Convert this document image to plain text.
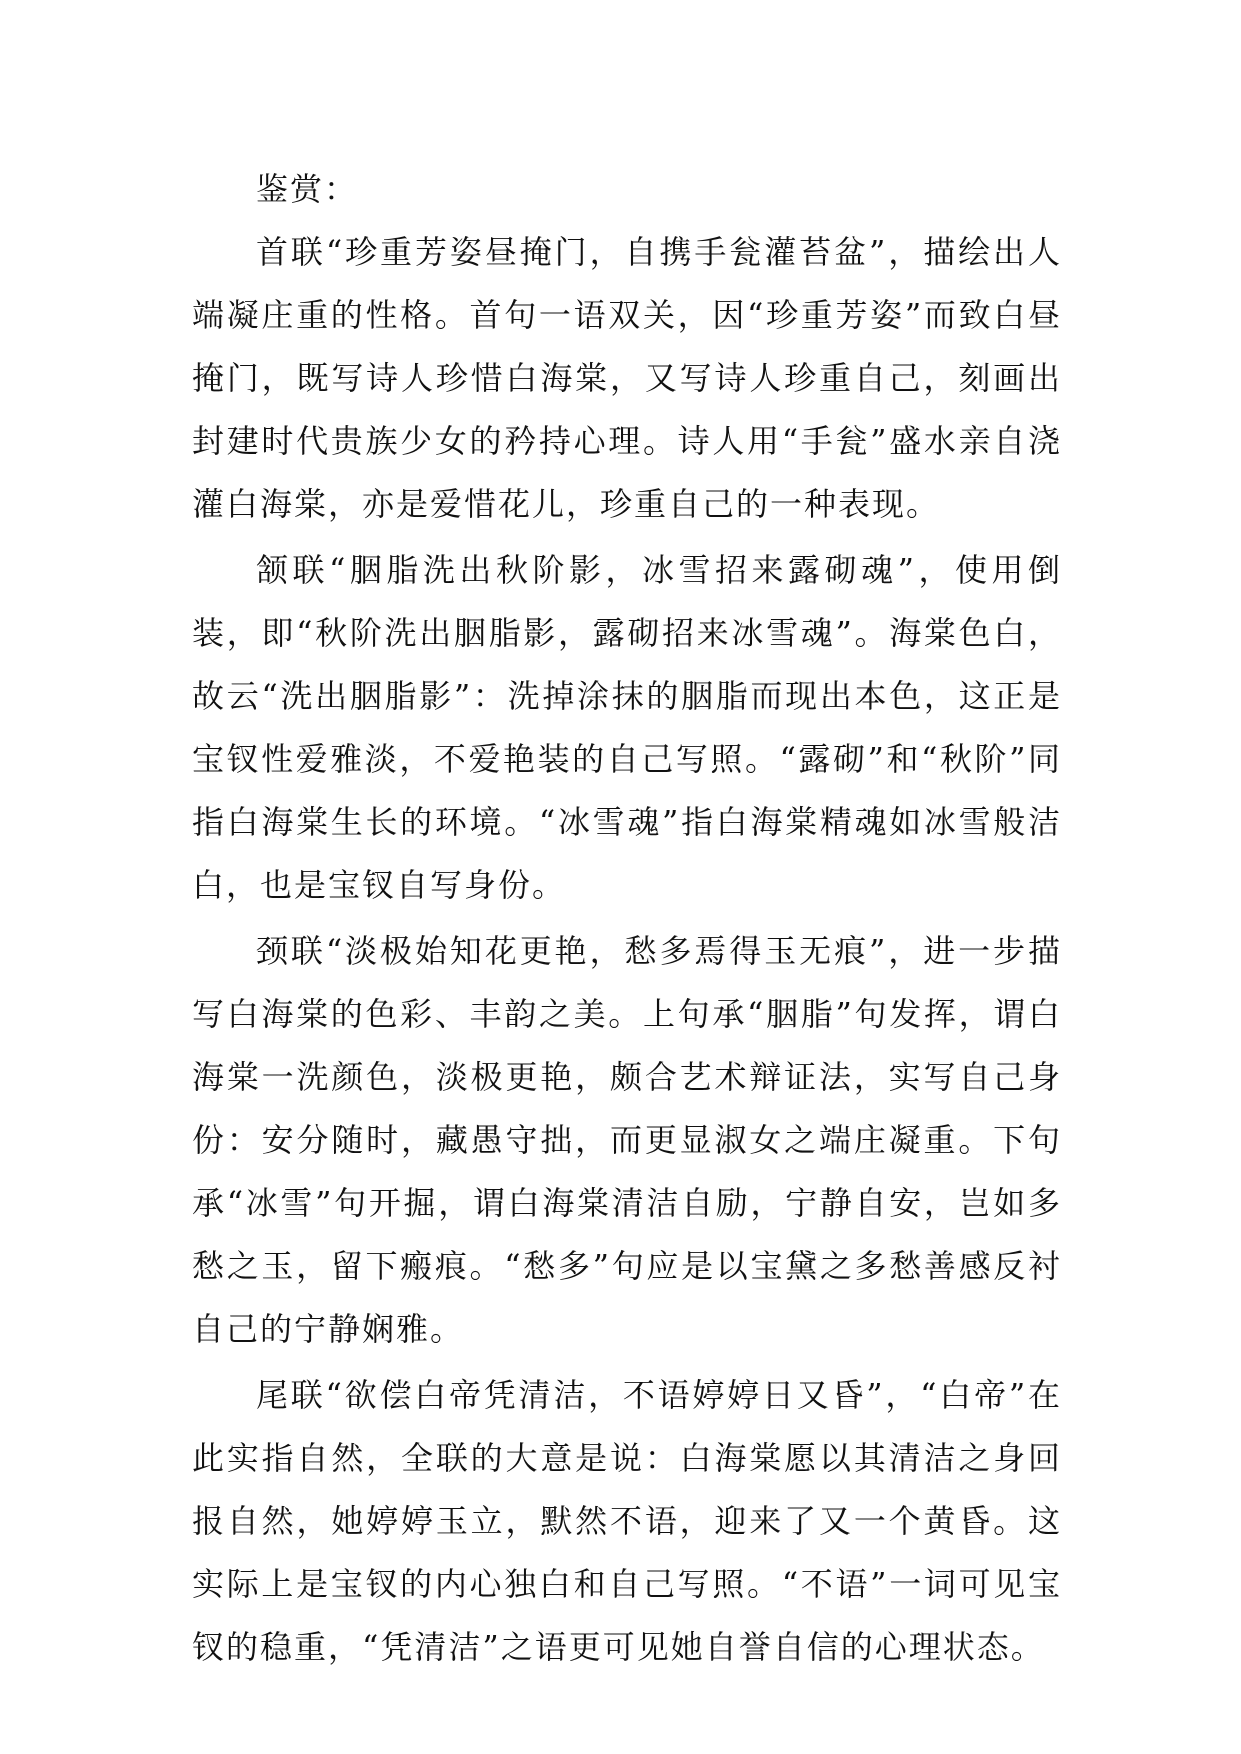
鉴赏：

首联“珍重芳姿昼掩门，自携手瓮灌苔盆”，描绘出人端凝庄重的性格。首句一语双关，因“珍重芳姿”而致白昼掩门，既写诗人珍惜白海棠，又写诗人珍重自己，刻画出封建时代贵族少女的矜持心理。诗人用“手瓮”盛水亲自浇灌白海棠，亦是爱惜花儿，珍重自己的一种表现。

颔联“胭脂洗出秋阶影，冰雪招来露砌魂”，使用倒装，即“秋阶洗出胭脂影，露砌招来冰雪魂”。海棠色白，故云“洗出胭脂影”：洗掉涂抹的胭脂而现出本色，这正是宝钗性爱雅淡，不爱艳装的自己写照。“露砌”和“秋阶”同指白海棠生长的环境。“冰雪魂”指白海棠精魂如冰雪般洁白，也是宝钗自写身份。

颈联“淡极始知花更艳，愁多焉得玉无痕”，进一步描写白海棠的色彩、丰韵之美。上句承“胭脂”句发挥，谓白海棠一洗颜色，淡极更艳，颇合艺术辩证法，实写自己身份：安分随时，藏愚守拙，而更显淑女之端庄凝重。下句承“冰雪”句开掘，谓白海棠清洁自励，宁静自安，岂如多愁之玉，留下瘢痕。“愁多”句应是以宝黛之多愁善感反衬自己的宁静娴雅。

尾联“欲偿白帝凭清洁，不语婷婷日又昏”，“白帝”在此实指自然，全联的大意是说：白海棠愿以其清洁之身回报自然，她婷婷玉立，默然不语，迎来了又一个黄昏。这实际上是宝钗的内心独白和自己写照。“不语”一词可见宝钗的稳重，“凭清洁”之语更可见她自誉自信的心理状态。
